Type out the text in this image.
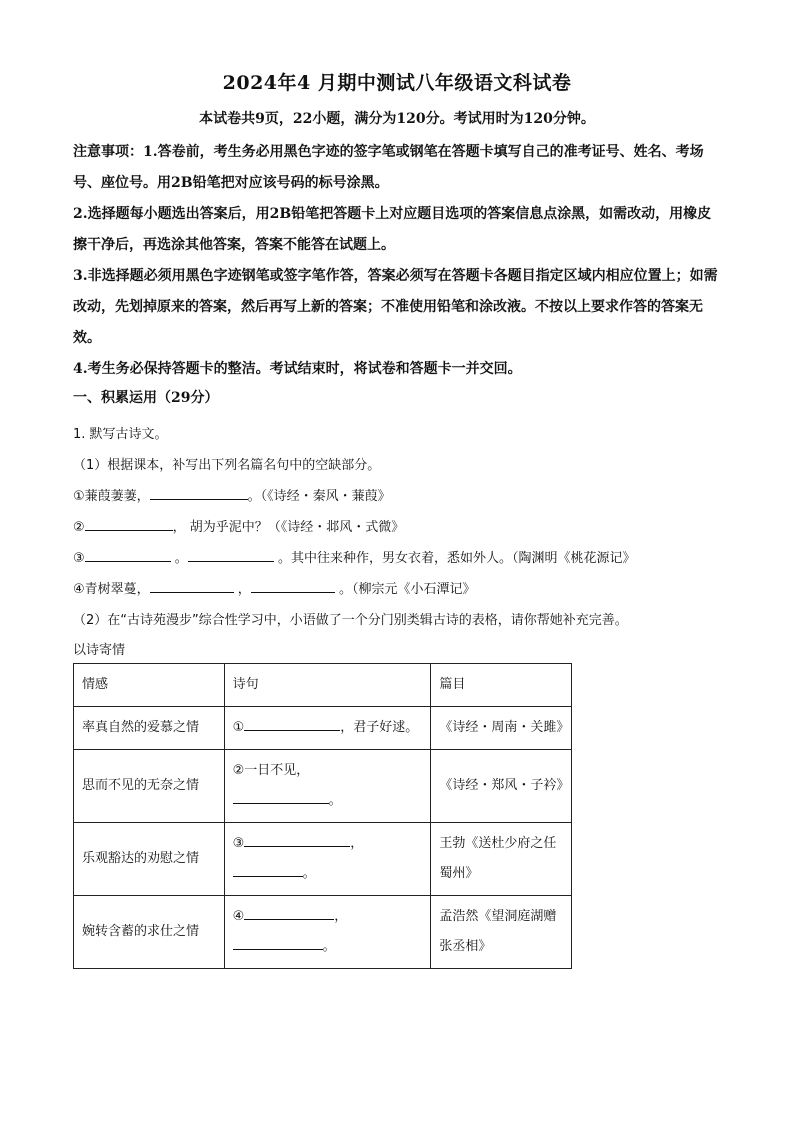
2024年4 月期中测试八年级语文科试卷
本试卷共9页，22小题，满分为120分。考试用时为120分钟。

注意事项：1.答卷前，考生务必用黑色字迹的签字笔或钢笔在答题卡填写自己的准考证号、姓名、考场号、座位号。用2B铅笔把对应该号码的标号涂黑。

2.选择题每小题选出答案后，用2B铅笔把答题卡上对应题目选项的答案信息点涂黑，如需改动，用橡皮擦干净后，再选涂其他答案，答案不能答在试题上。

3.非选择题必须用黑色字迹钢笔或签字笔作答，答案必须写在答题卡各题目指定区域内相应位置上；如需改动，先划掉原来的答案，然后再写上新的答案；不准使用铅笔和涂改液。不按以上要求作答的答案无效。

4.考生务必保持答题卡的整洁。考试结束时，将试卷和答题卡一并交回。

一、积累运用（29分）
1. 默写古诗文。
（1）根据课本，补写出下列名篇名句中的空缺部分。
①蒹葭萋萋，	。（《诗经・秦风・蒹葭》
②	， 胡为乎泥中？（《诗经・邶风・式微》
③	。	。其中往来种作，男女衣着，悉如外人。（陶渊明《桃花源记》
④青树翠蔓，	，	。（柳宗元《小石潭记》
（2）在“古诗苑漫步”综合性学习中，小语做了一个分门别类辑古诗的表格，请你帮她补充完善。
以诗寄情
情感	诗句	篇目
率真自然的爱慕之情	① ，君子好逑。	《诗经・周南・关雎》
思而不见的无奈之情	②一日不见，
。	《诗经・郑风・子衿》
乐观豁达的劝慰之情	③ ，
。	王勃《送杜少府之任蜀州》
婉转含蓄的求仕之情	④ ，
。	孟浩然《望洞庭湖赠张丞相》
